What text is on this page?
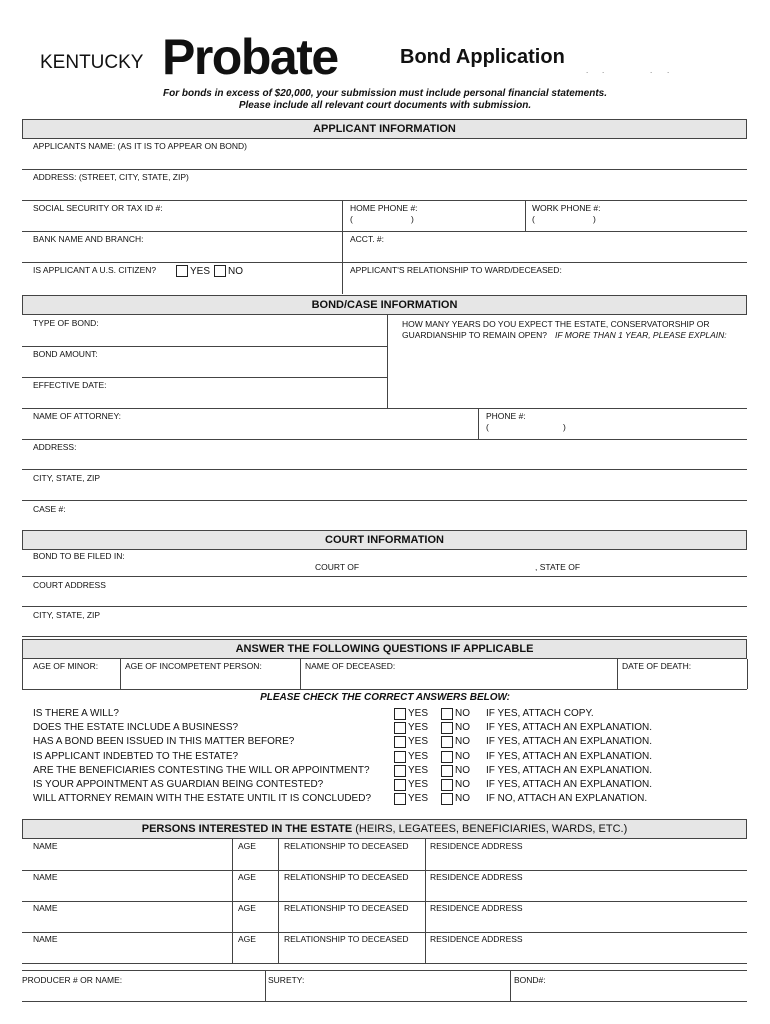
KENTUCKY Probate	Bond Application
. .	. .
For bonds in excess of $20,000, your submission must include personal financial statements.
Please include all relevant court documents with submission.
APPLICANT INFORMATION
APPLICANTS NAME: (AS IT IS TO APPEAR ON BOND)
ADDRESS: (STREET, CITY, STATE, ZIP)
SOCIAL SECURITY OR TAX ID #:	HOME PHONE #:
(	)
WORK PHONE #:
(	)
BANK NAME AND BRANCH:	ACCT. #:
IS APPLICANT A U.S. CITIZEN?	YES NO	APPLICANT'S RELATIONSHIP TO WARD/DECEASED:
BOND/CASE INFORMATION
TYPE OF BOND:	HOW MANY YEARS DO YOU EXPECT THE ESTATE, CONSERVATORSHIP OR
GUARDIANSHIP TO REMAIN OPEN? IF MORE THAN 1 YEAR, PLEASE EXPLAIN:
BOND AMOUNT:
EFFECTIVE DATE:
NAME OF ATTORNEY:	PHONE #:
(	)
ADDRESS:
CITY, STATE, ZIP
CASE #:
COURT INFORMATION
BOND TO BE FILED IN:
COURT OF	, STATE OF
COURT ADDRESS
CITY, STATE, ZIP
ANSWER THE FOLLOWING QUESTIONS IF APPLICABLE
AGE OF MINOR:	AGE OF INCOMPETENT PERSON:	NAME OF DECEASED:	DATE OF DEATH:
PLEASE CHECK THE CORRECT ANSWERS BELOW:
IS THERE A WILL?	YES	NO IF YES, ATTACH COPY.
DOES THE ESTATE INCLUDE A BUSINESS?	YES	NO IF YES, ATTACH AN EXPLANATION.
HAS A BOND BEEN ISSUED IN THIS MATTER BEFORE?	YES	NO IF YES, ATTACH AN EXPLANATION.
IS APPLICANT INDEBTED TO THE ESTATE?	YES	NO IF YES, ATTACH AN EXPLANATION.
ARE THE BENEFICIARIES CONTESTING THE WILL OR APPOINTMENT?	YES	NO IF YES, ATTACH AN EXPLANATION.
IS YOUR APPOINTMENT AS GUARDIAN BEING CONTESTED?	YES	NO IF YES, ATTACH AN EXPLANATION.
WILL ATTORNEY REMAIN WITH THE ESTATE UNTIL IT IS CONCLUDED?	YES	NO IF NO, ATTACH AN EXPLANATION.
PERSONS INTERESTED IN THE ESTATE (HEIRS, LEGATEES, BENEFICIARIES, WARDS, ETC.)
NAME	AGE	RELATIONSHIP TO DECEASED	RESIDENCE ADDRESS
NAME	AGE	RELATIONSHIP TO DECEASED	RESIDENCE ADDRESS
NAME	AGE	RELATIONSHIP TO DECEASED	RESIDENCE ADDRESS
NAME	AGE	RELATIONSHIP TO DECEASED	RESIDENCE ADDRESS
PRODUCER # OR NAME:	SURETY:	BOND#:
